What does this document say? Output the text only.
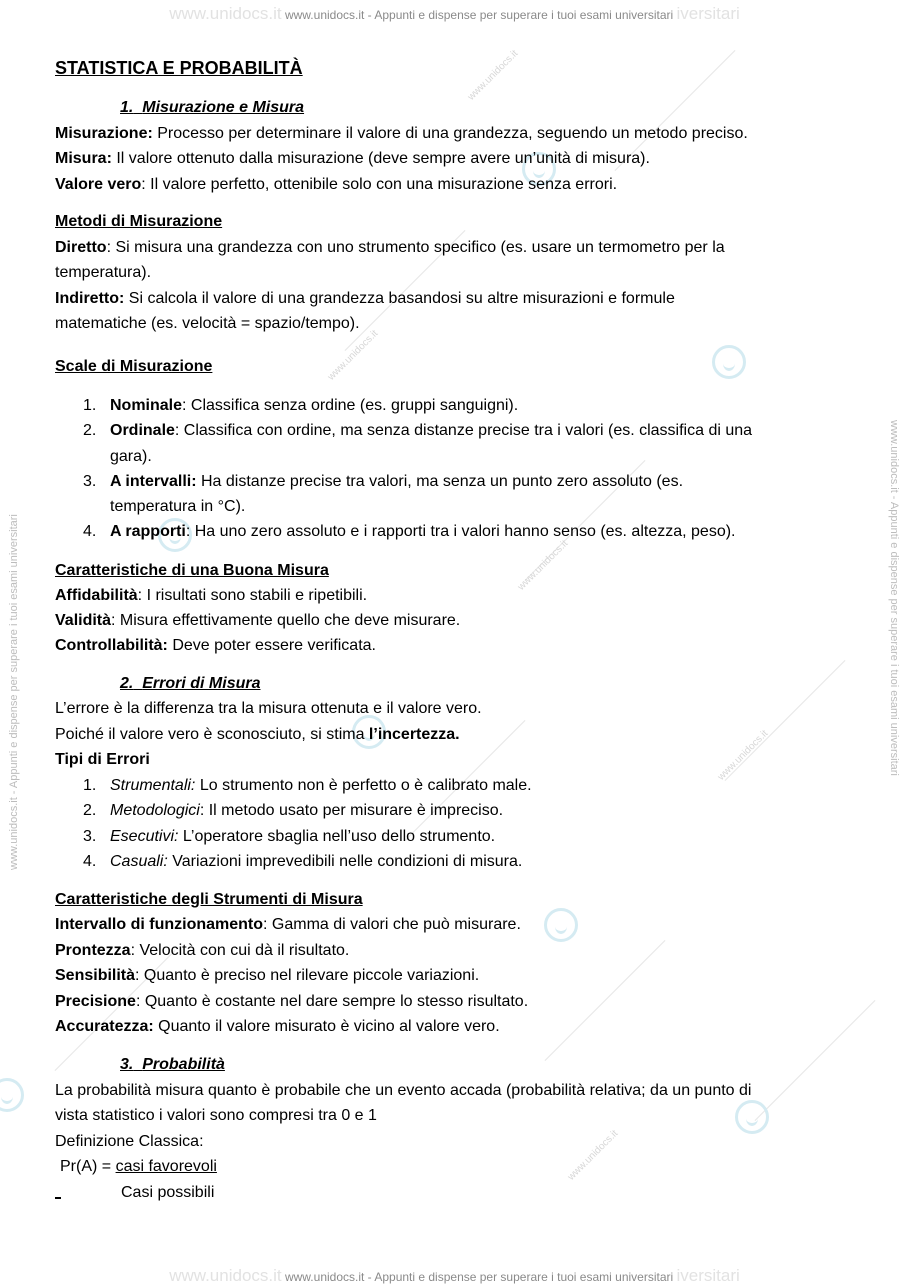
www.unidocs.it www.unidocs.it - Appunti e dispense per superare i tuoi esami universitari iversitari
www.unidocs.it www.unidocs.it - Appunti e dispense per superare i tuoi esami universitari iversitari
www.unidocs.it - Appunti e dispense per superare i tuoi esami universitari	www.unidocs.it - Appunti e dispense per superare i tuoi esami universitari
www.unidocs.it
www.unidocs.it
www.unidocs.it
www.unidocs.it
www.unidocs.it
STATISTICA E PROBABILITÀ
1. Misurazione e Misura
Misurazione: Processo per determinare il valore di una grandezza, seguendo un metodo preciso.
Misura: Il valore ottenuto dalla misurazione (deve sempre avere un’unità di misura).
Valore vero: Il valore perfetto, ottenibile solo con una misurazione senza errori.
Metodi di Misurazione
Diretto: Si misura una grandezza con uno strumento specifico (es. usare un termometro per la
temperatura).
Indiretto: Si calcola il valore di una grandezza basandosi su altre misurazioni e formule
matematiche (es. velocità = spazio/tempo).
Scale di Misurazione
1. Nominale: Classifica senza ordine (es. gruppi sanguigni).
2. Ordinale: Classifica con ordine, ma senza distanze precise tra i valori (es. classifica di una
gara).
3. A intervalli: Ha distanze precise tra valori, ma senza un punto zero assoluto (es.
temperatura in °C).
4. A rapporti: Ha uno zero assoluto e i rapporti tra i valori hanno senso (es. altezza, peso).
Caratteristiche di una Buona Misura
Affidabilità: I risultati sono stabili e ripetibili.
Validità: Misura effettivamente quello che deve misurare.
Controllabilità: Deve poter essere verificata.
2. Errori di Misura
L’errore è la differenza tra la misura ottenuta e il valore vero.
Poiché il valore vero è sconosciuto, si stima l’incertezza.
Tipi di Errori
1. Strumentali: Lo strumento non è perfetto o è calibrato male.
2. Metodologici: Il metodo usato per misurare è impreciso.
3. Esecutivi: L’operatore sbaglia nell’uso dello strumento.
4. Casuali: Variazioni imprevedibili nelle condizioni di misura.
Caratteristiche degli Strumenti di Misura
Intervallo di funzionamento: Gamma di valori che può misurare.
Prontezza: Velocità con cui dà il risultato.
Sensibilità: Quanto è preciso nel rilevare piccole variazioni.
Precisione: Quanto è costante nel dare sempre lo stesso risultato.
Accuratezza: Quanto il valore misurato è vicino al valore vero.
3. Probabilità
La probabilità misura quanto è probabile che un evento accada (probabilità relativa; da un punto di
vista statistico i valori sono compresi tra 0 e 1
Definizione Classica:
Pr(A) = casi favorevoli
Casi possibili
